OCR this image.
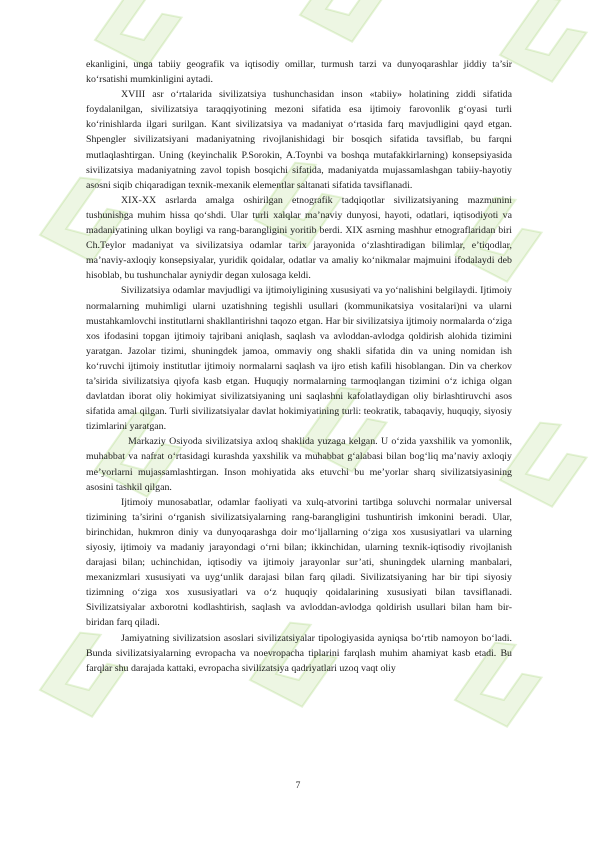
ekanligini, unga tabiiy geografik va iqtisodiy omillar, turmush tarzi va dunyoqarashlar jiddiy ta’sir ko‘rsatishi mumkinligini aytadi.

XVIII asr o‘rtalarida sivilizatsiya tushunchasidan inson «tabiiy» holatining ziddi sifatida foydalanilgan, sivilizatsiya taraqqiyotining mezoni sifatida esa ijtimoiy farovonlik g‘oyasi turli ko‘rinishlarda ilgari surilgan. Kant sivilizatsiya va madaniyat o‘rtasida farq mavjudligini qayd etgan. Shpengler sivilizatsiyani madaniyatning rivojlanishidagi bir bosqich sifatida tavsiflab, bu farqni mutlaqlashtirgan. Uning (keyinchalik P.Sorokin, A.Toynbi va boshqa mutafakkirlarning) konsepsiyasida sivilizatsiya madaniyatning zavol topish bosqichi sifatida, madaniyatda mujassamlashgan tabiiy-hayotiy asosni siqib chiqaradigan texnik-mexanik elementlar saltanati sifatida tavsiflanadi.

XIX-XX asrlarda amalga oshirilgan etnografik tadqiqotlar sivilizatsiyaning mazmunini tushunishga muhim hissa qo‘shdi. Ular turli xalqlar ma’naviy dunyosi, hayoti, odatlari, iqtisodiyoti va madaniyatining ulkan boyligi va rang-barangligini yoritib berdi. XIX asrning mashhur etnograflaridan biri Ch.Teylor madaniyat va sivilizatsiya odamlar tarix jarayonida o‘zlashtiradigan bilimlar, e’tiqodlar, ma’naviy-axloqiy konsepsiyalar, yuridik qoidalar, odatlar va amaliy ko‘nikmalar majmuini ifodalaydi deb hisoblab, bu tushunchalar ayniydir degan xulosaga keldi.

Sivilizatsiya odamlar mavjudligi va ijtimoiyligining xususiyati va yo‘nalishini belgilaydi. Ijtimoiy normalarning muhimligi ularni uzatishning tegishli usullari (kommunikatsiya vositalari)ni va ularni mustahkamlovchi institutlarni shakllantirishni taqozo etgan. Har bir sivilizatsiya ijtimoiy normalarda o‘ziga xos ifodasini topgan ijtimoiy tajribani aniqlash, saqlash va avloddan-avlodga qoldirish alohida tizimini yaratgan. Jazolar tizimi, shuningdek jamoa, ommaviy ong shakli sifatida din va uning nomidan ish ko‘ruvchi ijtimoiy institutlar ijtimoiy normalarni saqlash va ijro etish kafili hisoblangan. Din va cherkov ta’sirida sivilizatsiya qiyofa kasb etgan. Huquqiy normalarning tarmoqlangan tizimini o‘z ichiga olgan davlatdan iborat oliy hokimiyat sivilizatsiyaning uni saqlashni kafolatlaydigan oliy birlashtiruvchi asos sifatida amal qilgan. Turli sivilizatsiyalar davlat hokimiyatining turli: teokratik, tabaqaviy, huquqiy, siyosiy tizimlarini yaratgan.

Markaziy Osiyoda sivilizatsiya axloq shaklida yuzaga kelgan. U o‘zida yaxshilik va yomonlik, muhabbat va nafrat o‘rtasidagi kurashda yaxshilik va muhabbat g‘alabasi bilan bog‘liq ma’naviy axloqiy me’yorlarni mujassamlashtirgan. Inson mohiyatida aks etuvchi bu me’yorlar sharq sivilizatsiyasining asosini tashkil qilgan.

Ijtimoiy munosabatlar, odamlar faoliyati va xulq-atvorini tartibga soluvchi normalar universal tizimining ta’sirini o‘rganish sivilizatsiyalarning rang-barangligini tushuntirish imkonini beradi. Ular, birinchidan, hukmron diniy va dunyoqarashga doir mo‘ljallarning o‘ziga xos xususiyatlari va ularning siyosiy, ijtimoiy va madaniy jarayondagi o‘rni bilan; ikkinchidan, ularning texnik-iqtisodiy rivojlanish darajasi bilan; uchinchidan, iqtisodiy va ijtimoiy jarayonlar sur’ati, shuningdek ularning manbalari, mexanizmlari xususiyati va uyg‘unlik darajasi bilan farq qiladi. Sivilizatsiyaning har bir tipi siyosiy tizimning o‘ziga xos xususiyatlari va o‘z huquqiy qoidalarining xususiyati bilan tavsiflanadi. Sivilizatsiyalar axborotni kodlashtirish, saqlash va avloddan-avlodga qoldirish usullari bilan ham bir-biridan farq qiladi.

Jamiyatning sivilizatsion asoslari sivilizatsiyalar tipologiyasida ayniqsa bo‘rtib namoyon bo‘ladi. Bunda sivilizatsiyalarning evropacha va noevropacha tiplarini farqlash muhim ahamiyat kasb etadi. Bu farqlar shu darajada kattaki, evropacha sivilizatsiya qadriyatlari uzoq vaqt oliy

7
